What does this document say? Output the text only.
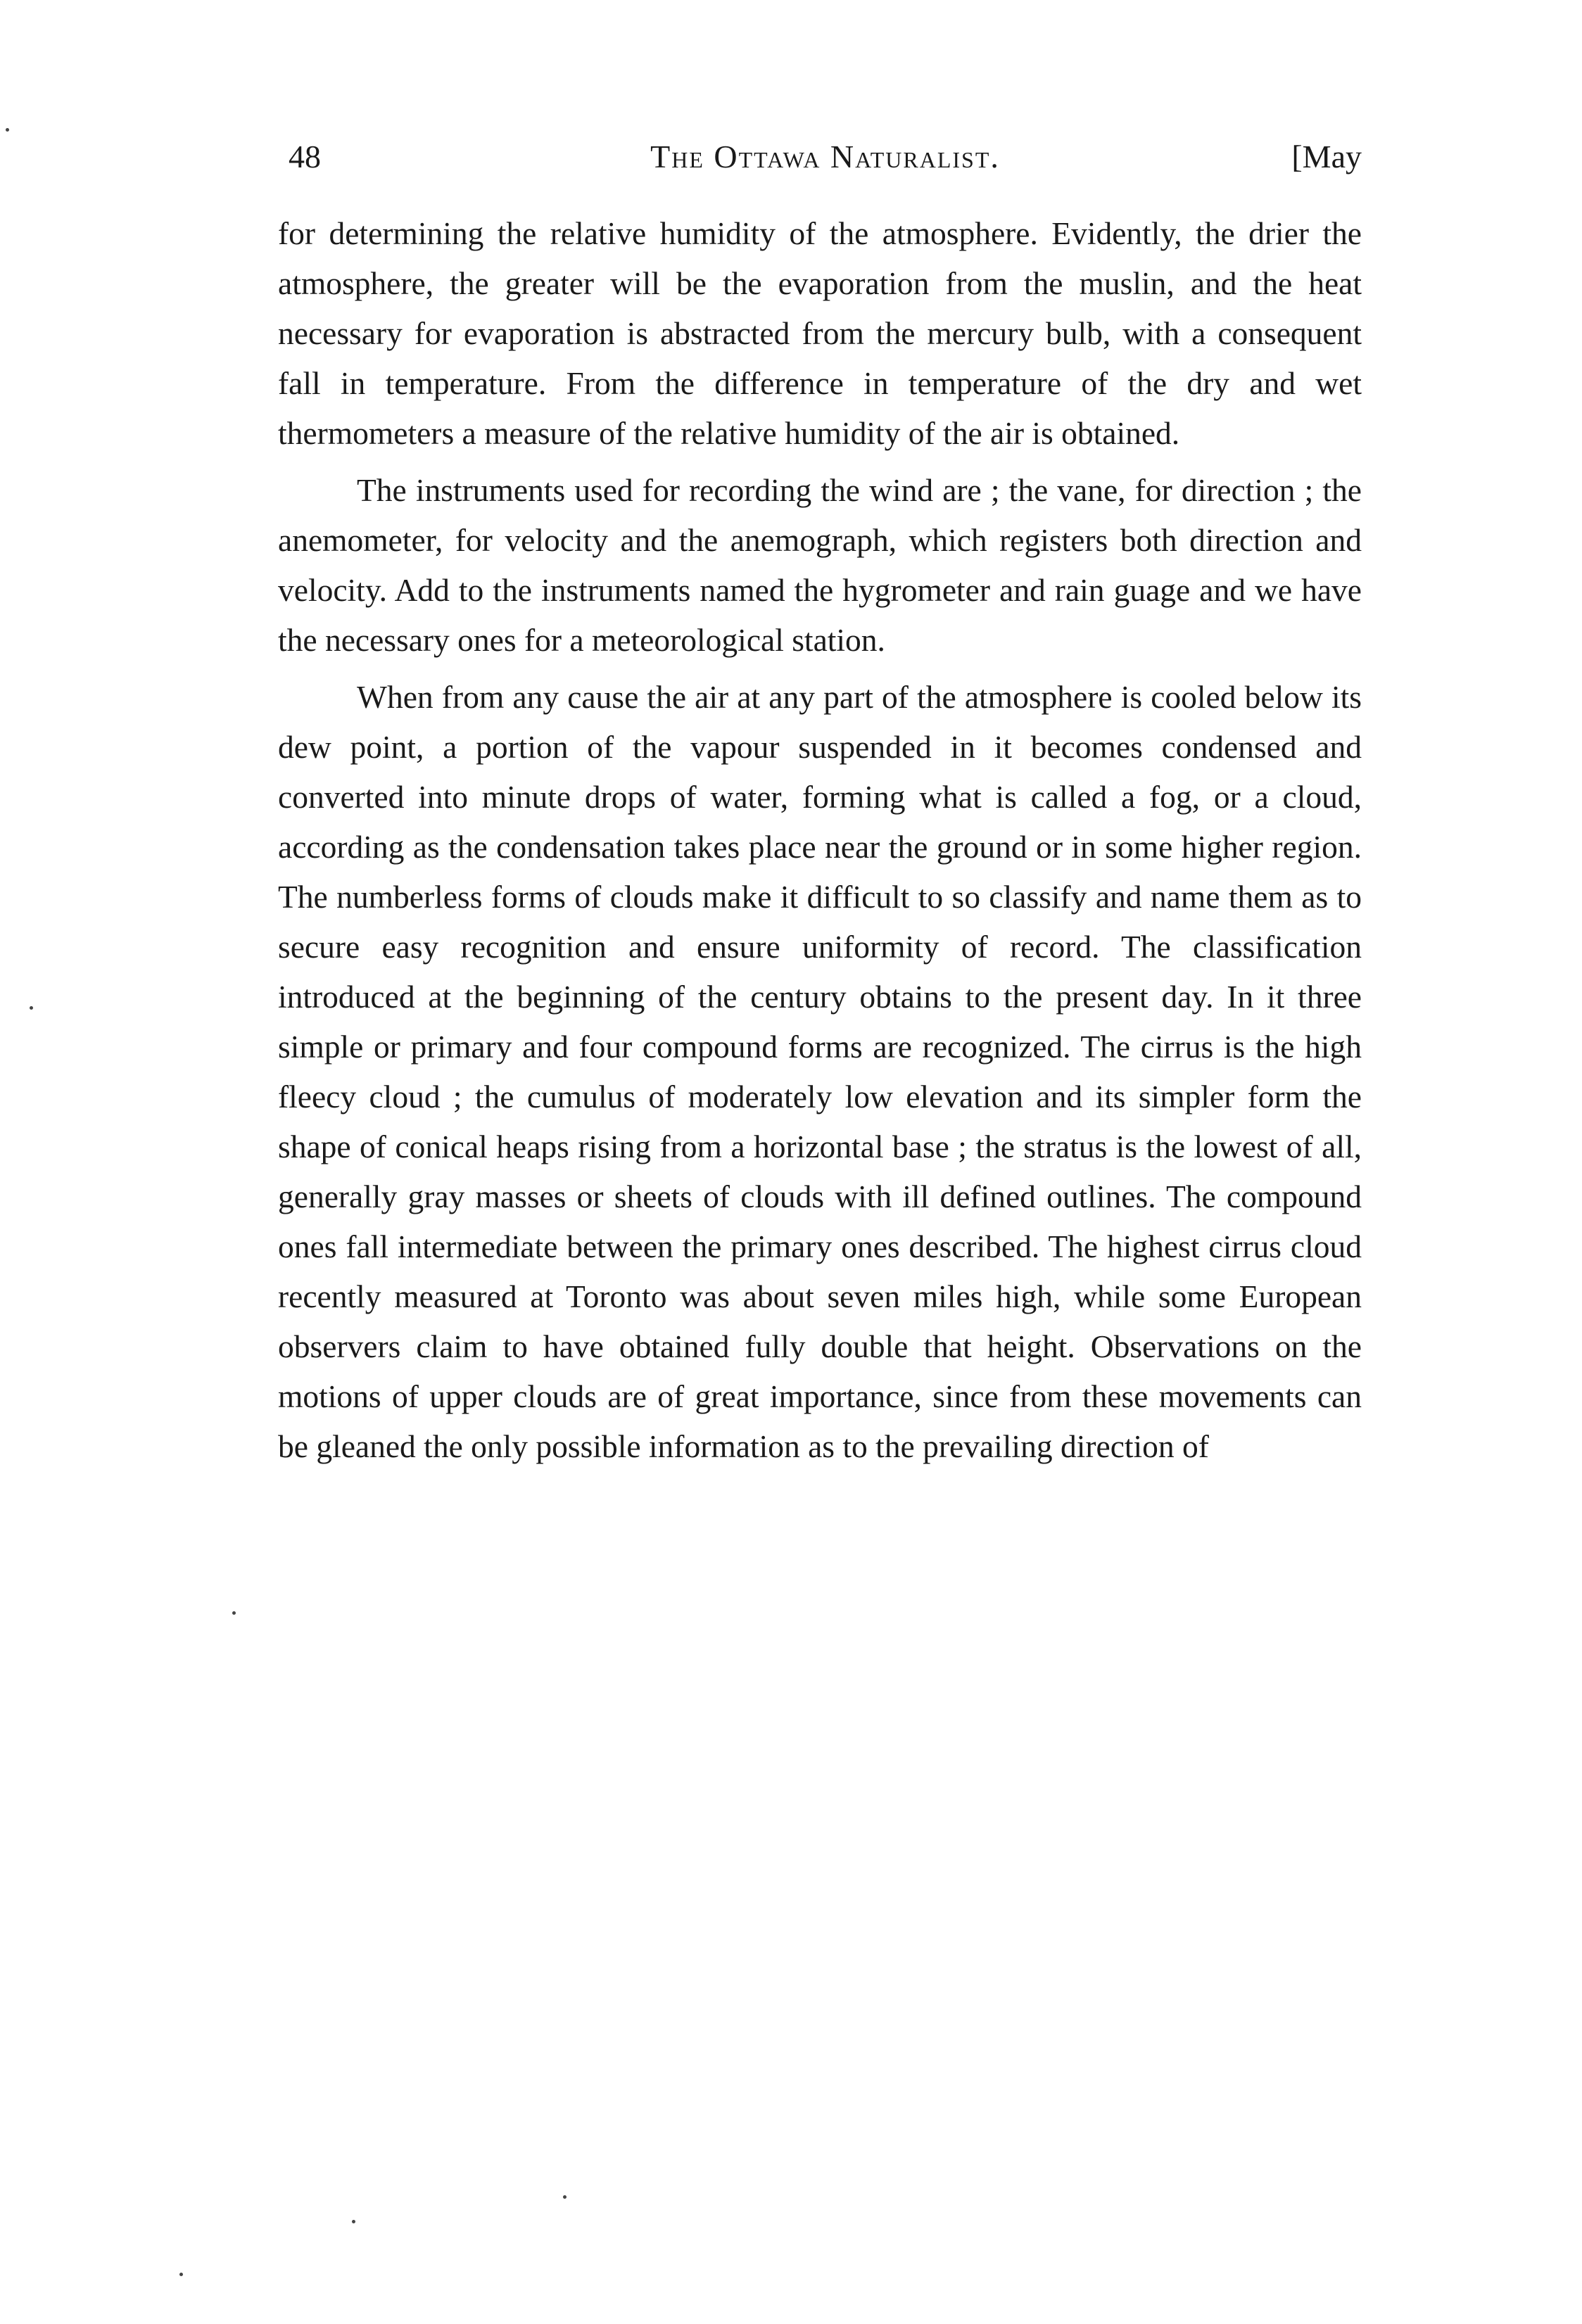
48	The Ottawa Naturalist.	[May

for determining the relative humidity of the atmosphere. Evidently, the drier the atmosphere, the greater will be the evaporation from the muslin, and the heat necessary for evaporation is abstracted from the mercury bulb, with a consequent fall in temperature. From the difference in temperature of the dry and wet thermometers a measure of the relative humidity of the air is obtained.

The instruments used for recording the wind are ; the vane, for direction ; the anemometer, for velocity and the anemograph, which registers both direction and velocity. Add to the instruments named the hygrometer and rain guage and we have the necessary ones for a meteorological station.

When from any cause the air at any part of the atmosphere is cooled below its dew point, a portion of the vapour suspended in it becomes condensed and converted into minute drops of water, forming what is called a fog, or a cloud, according as the condensation takes place near the ground or in some higher region. The numberless forms of clouds make it difficult to so classify and name them as to secure easy recognition and ensure uniformity of record. The classification introduced at the beginning of the century obtains to the present day. In it three simple or primary and four compound forms are recognized. The cirrus is the high fleecy cloud ; the cumulus of moderately low elevation and its simpler form the shape of conical heaps rising from a horizontal base ; the stratus is the lowest of all, generally gray masses or sheets of clouds with ill defined outlines. The compound ones fall intermediate between the primary ones described. The highest cirrus cloud recently measured at Toronto was about seven miles high, while some European observers claim to have obtained fully double that height. Observations on the motions of upper clouds are of great importance, since from these movements can be gleaned the only possible information as to the prevailing direction of
